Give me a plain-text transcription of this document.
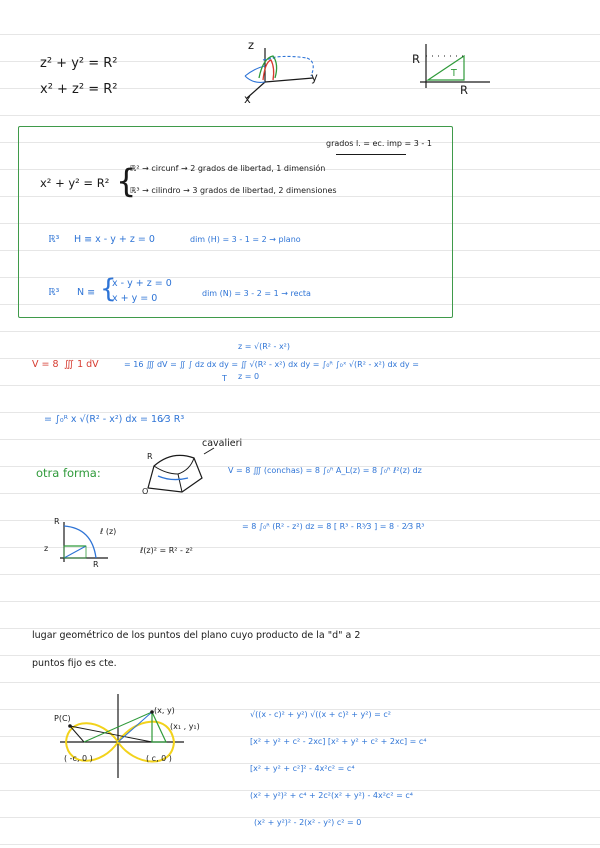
z² + y² = R²
x² + z² = R²
z
y
x
R
R
T
grados l. = ec. imp = 3 - 1
x² + y² = R² {
ℝ² → circunf → 2 grados de libertad, 1 dimensión
ℝ³ → cilindro → 3 grados de libertad, 2 dimensiones
ℝ³ H ≡ x - y + z = 0	dim (H) = 3 - 1 = 2 → plano
ℝ³ N ≡ {
x - y + z = 0
x + y = 0	dim (N) = 3 - 2 = 1 → recta
V = 8 ∭ 1 dV	= 16 ∭ dV = ∬ ∫ dz dx dy = ∬ √(R² - x²) dx dy = ∫₀ᴿ ∫₀ˣ √(R² - x²) dx dy =
z = √(R² - x²)
z = 0
T
= ∫₀ᴿ x √(R² - x²) dx = 16⁄3 R³
otra forma:
cavalieri
R
O
V = 8 ∭ (conchas) = 8 ∫₀ᴿ A_L(z) = 8 ∫₀ᴿ ℓ²(z) dz
= 8 ∫₀ᴿ (R² - z²) dz = 8 [ R³ - R³⁄3 ] = 8 · 2⁄3 R³
R
R
z
ℓ (z)
ℓ(z)² = R² - z²
lugar geométrico de los puntos del plano cuyo producto de la "d" a 2
puntos fijo es cte.
P(C)
(x, y)
(x₁ , y₁)
( -c, 0 )	( c, 0 )
√((x - c)² + y²) √((x + c)² + y²) = c²
[x² + y² + c² - 2xc] [x² + y² + c² + 2xc] = c⁴
[x² + y² + c²]² - 4x²c² = c⁴
(x² + y²)² + c⁴ + 2c²(x² + y²) - 4x²c² = c⁴
(x² + y²)² - 2(x² - y²) c² = 0
